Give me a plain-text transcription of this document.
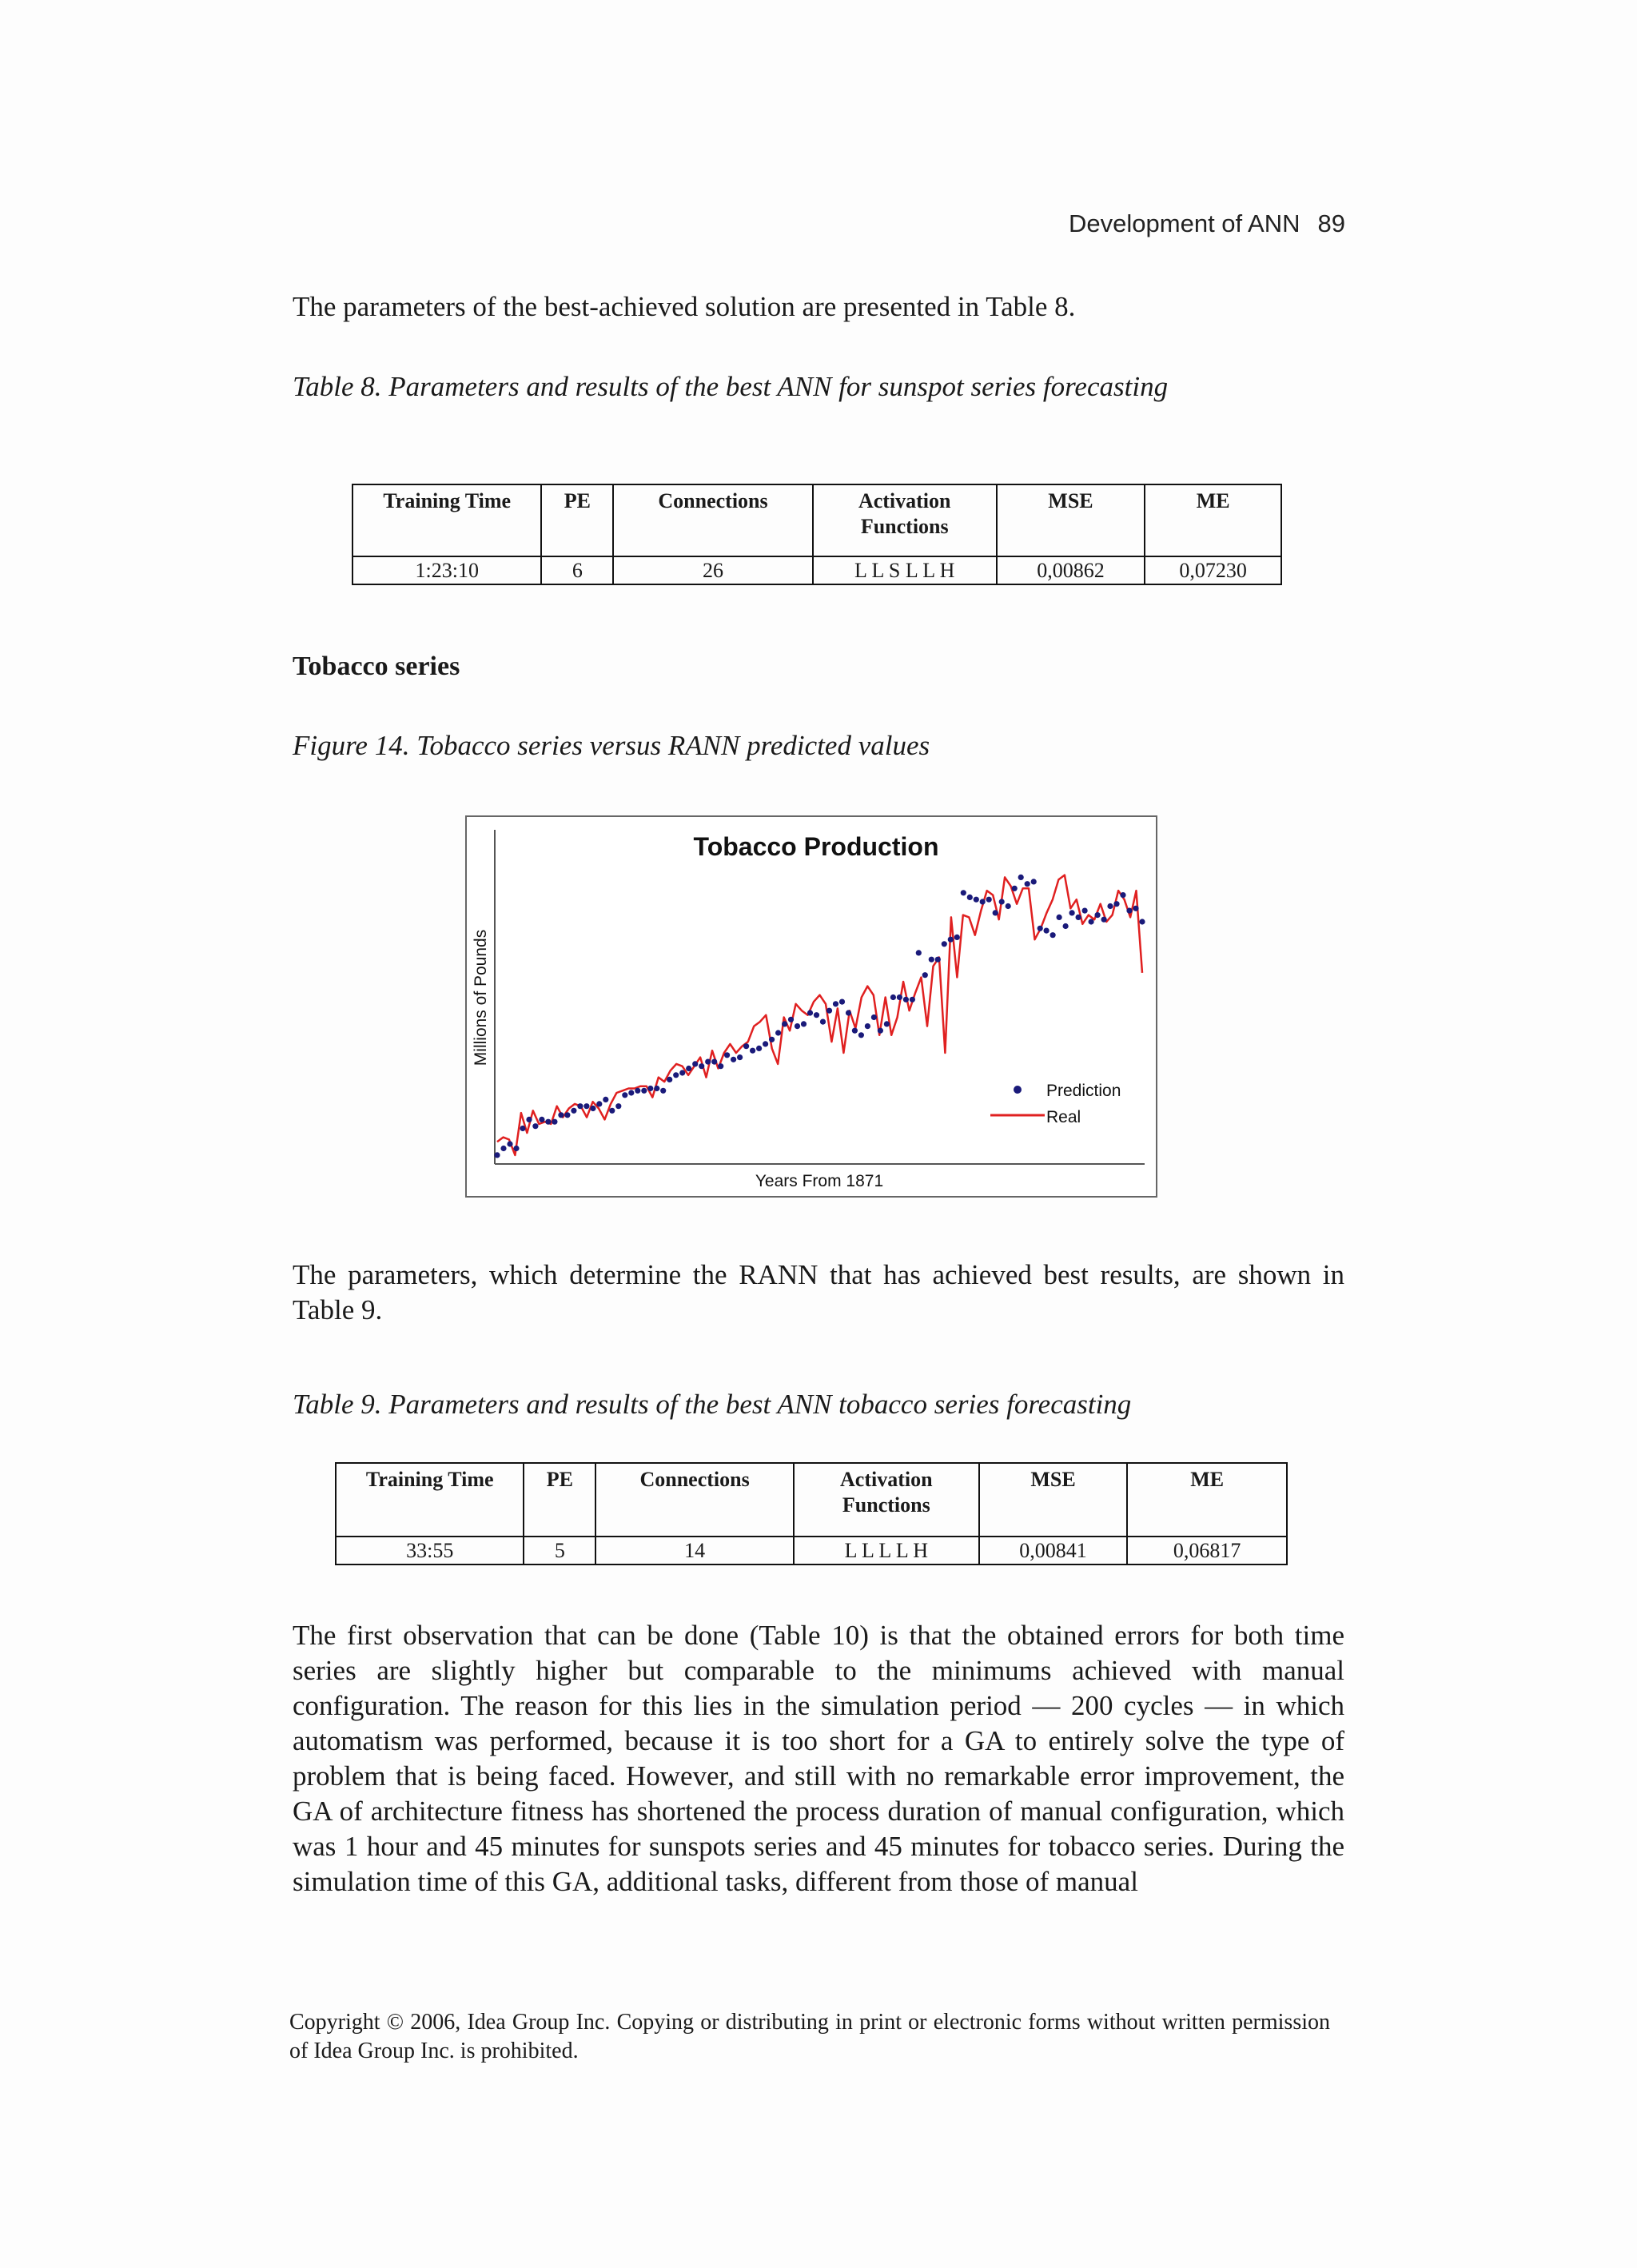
Development of ANN 89
The parameters of the best-achieved solution are presented in Table 8.
Table 8. Parameters and results of the best ANN for sunspot series forecasting
Training Time	PE	Connections	Activation Functions	MSE	ME
1:23:10	6	26	L L S L L H	0,00862	0,07230
Tobacco series
Figure 14. Tobacco series versus RANN predicted values
Tobacco Production
Millions of Pounds
Years From 1871
Prediction
Real
The parameters, which determine the RANN that has achieved best results, are shown in Table 9.
Table 9. Parameters and results of the best ANN tobacco series forecasting
Training Time	PE	Connections	Activation Functions	MSE	ME
33:55	5	14	L L L L H	0,00841	0,06817
The first observation that can be done (Table 10) is that the obtained errors for both time series are slightly higher but comparable to the minimums achieved with manual configuration. The reason for this lies in the simulation period — 200 cycles — in which automatism was performed, because it is too short for a GA to entirely solve the type of problem that is being faced. However, and still with no remarkable error improvement, the GA of architecture fitness has shortened the process duration of manual configuration, which was 1 hour and 45 minutes for sunspots series and 45 minutes for tobacco series. During the simulation time of this GA, additional tasks, different from those of manual
Copyright © 2006, Idea Group Inc. Copying or distributing in print or electronic forms without written permission of Idea Group Inc. is prohibited.
